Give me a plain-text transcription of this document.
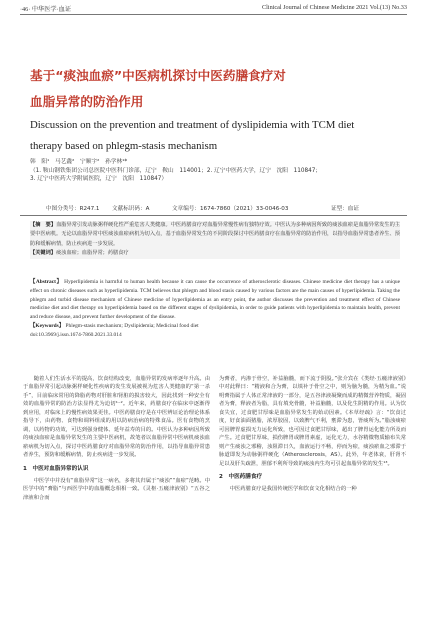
·46· 中华医学·血证	Clinical Journal of Chinese Medicine 2021 Vol.(13) No.33
基于“痰浊血瘀”中医病机探讨中医药膳食疗对
血脂异常的防治作用
Discussion on the prevention and treatment of dyslipidemia with TCM diet
therapy based on phlegm-stasis mechanism
韩　阳¹　马艺鑫²　宁顺宇²　孙学林¹*
（1. 鞍山钢铁集团公司总医院中医科门诊部，辽宁　鞍山　114001；2. 辽宁中医药大学，辽宁　沈阳　110847；
3. 辽宁中医药大学附属医院，辽宁　沈阳　110847）
中图分类号：R247.1 文献标识码：A	文章编号：1674-7860（2021）33-0046-03	证型：血证
【摘　要】血脂异常引发动脉粥样硬化性严重危害人类健康。中医药膳食疗对血脂异常慢性病有独特疗效。中医认为多种病因所致的痰浊血瘀是血脂异常发生的主要中医病机。无论以血脂异常中医痰浊血瘀病机为切入点，基于血脂异常发生的不同阶段探讨中医药膳食疗在血脂异常的防治作用，以指导血脂异常患者养生、预防和缓解病情，防止疾病进一步发展。
【关键词】痰浊血瘀；血脂异常；药膳食疗
【Abstract】 Hyperlipidemia is harmful to human health because it can cause the occurrence of atherosclerotic diseases. Chinese medicine diet therapy has a unique effect on chronic diseases such as hyperlipidemia. TCM believes that phlegm and blood stasis caused by various factors are the main causes of hyperlipidemia. Taking the phlegm and turbid disease mechanism of Chinese medicine of hyperlipidemia as an entry point, the author discusses the prevention and treatment effect of Chinese medicine diet and diet therapy on hyperlipidemia based on the different stages of dyslipidemia, in order to guide patients with hyperlipidemia to maintain health, prevent and reduce disease, and prevent further development of the disease.
【Keywords】 Phlegm-stasis mechanism; Dyslipidemia; Medicinal food diet
doi:10.3969/j.issn.1674-7860.2021.33.014

随着人们生活水平的提高，饮食结构改变，血脂异常的发病率逐年升高。由于血脂异常引起动脉粥样硬化性疾病的发生发展被视为危害人类健康的“第一杀手”，目前临床常用的降脂药物对肝脏和肾脏的损害较大，因此找到一种安全有效的血脂异常的防治方法显得尤为迫切¹⁻²。近年来，药膳食疗在临床中逐渐得到应用，对临床上的慢性病效果更佳。中医药膳食疗是在中医辨证论治理论体系指导下，由药物、食物和调料组成的用以防病治病的特殊食品。医有食物的烹调，以药物的功效，可达到强身健体、延年益寿的目的。中医认为多种病因所致的痰浊血瘀是血脂异常发生的主要中医病机，故笔者以血脂异常中医病机痰浊血瘀病机为切入点，探讨中医药膳食疗对血脂异常的防治作用，以指导血脂异常患者养生，预防和缓解病情，防止疾病进一步发展。

1　中医对血脂异常的认识

中医学中并没有“血脂异常”这一病名，多将其归属于“痰浊”“血瘀”范畴。中医学中的“膏脂”与西医学中的血脂概念相相一致。《灵枢·五癃津液别》“五谷之津液和合而

为膏者，内渗于骨空，补益脑髓，而下流于阴股。”张介宾在《类经·五癃津液别》中对此释曰：“精液和合为膏，以填补于骨空之中，则为脑为髓，为精为血。”说明膏指属于人体正常津液的一部分，是五谷津液凝聚而成的精微营养物质，凝固者为膏，释液者为脂，具有填充骨髓，补益脑髓，以及化生阴精的作用。认为饮食失宜，过食肥甘厚味是血脂异常发生的始动因素。《本草经疏》言：“饮食过度，好食油面猪脂，浓厚胶固，以致脾气不利，壅滞为患，皆痰所为。”脂浊痰瘀可因脾胃虚损无力运化所致，也可因过食肥甘厚味，超出了脾胃运化能力所及而产生。过食肥甘厚味，损伤脾胃或脾胃素虚，运化无力，水谷精微物质输布失常则产生痰浊之邪稽，浊阻滞日久，血液运行不畅，停而为瘀，痰浊瘀血之邪滞于脉道即发为动脉粥样硬化（Atherosclerosis，AS）。此外，年老体衰，肝肾不足以及肝失疏泄，胆郁不利所导致的痰浊内生均可引起血脂异常的发生¹³。

2　中医药膳食疗

中医药膳食疗是我国传统医学和饮食文化相结合的一种
